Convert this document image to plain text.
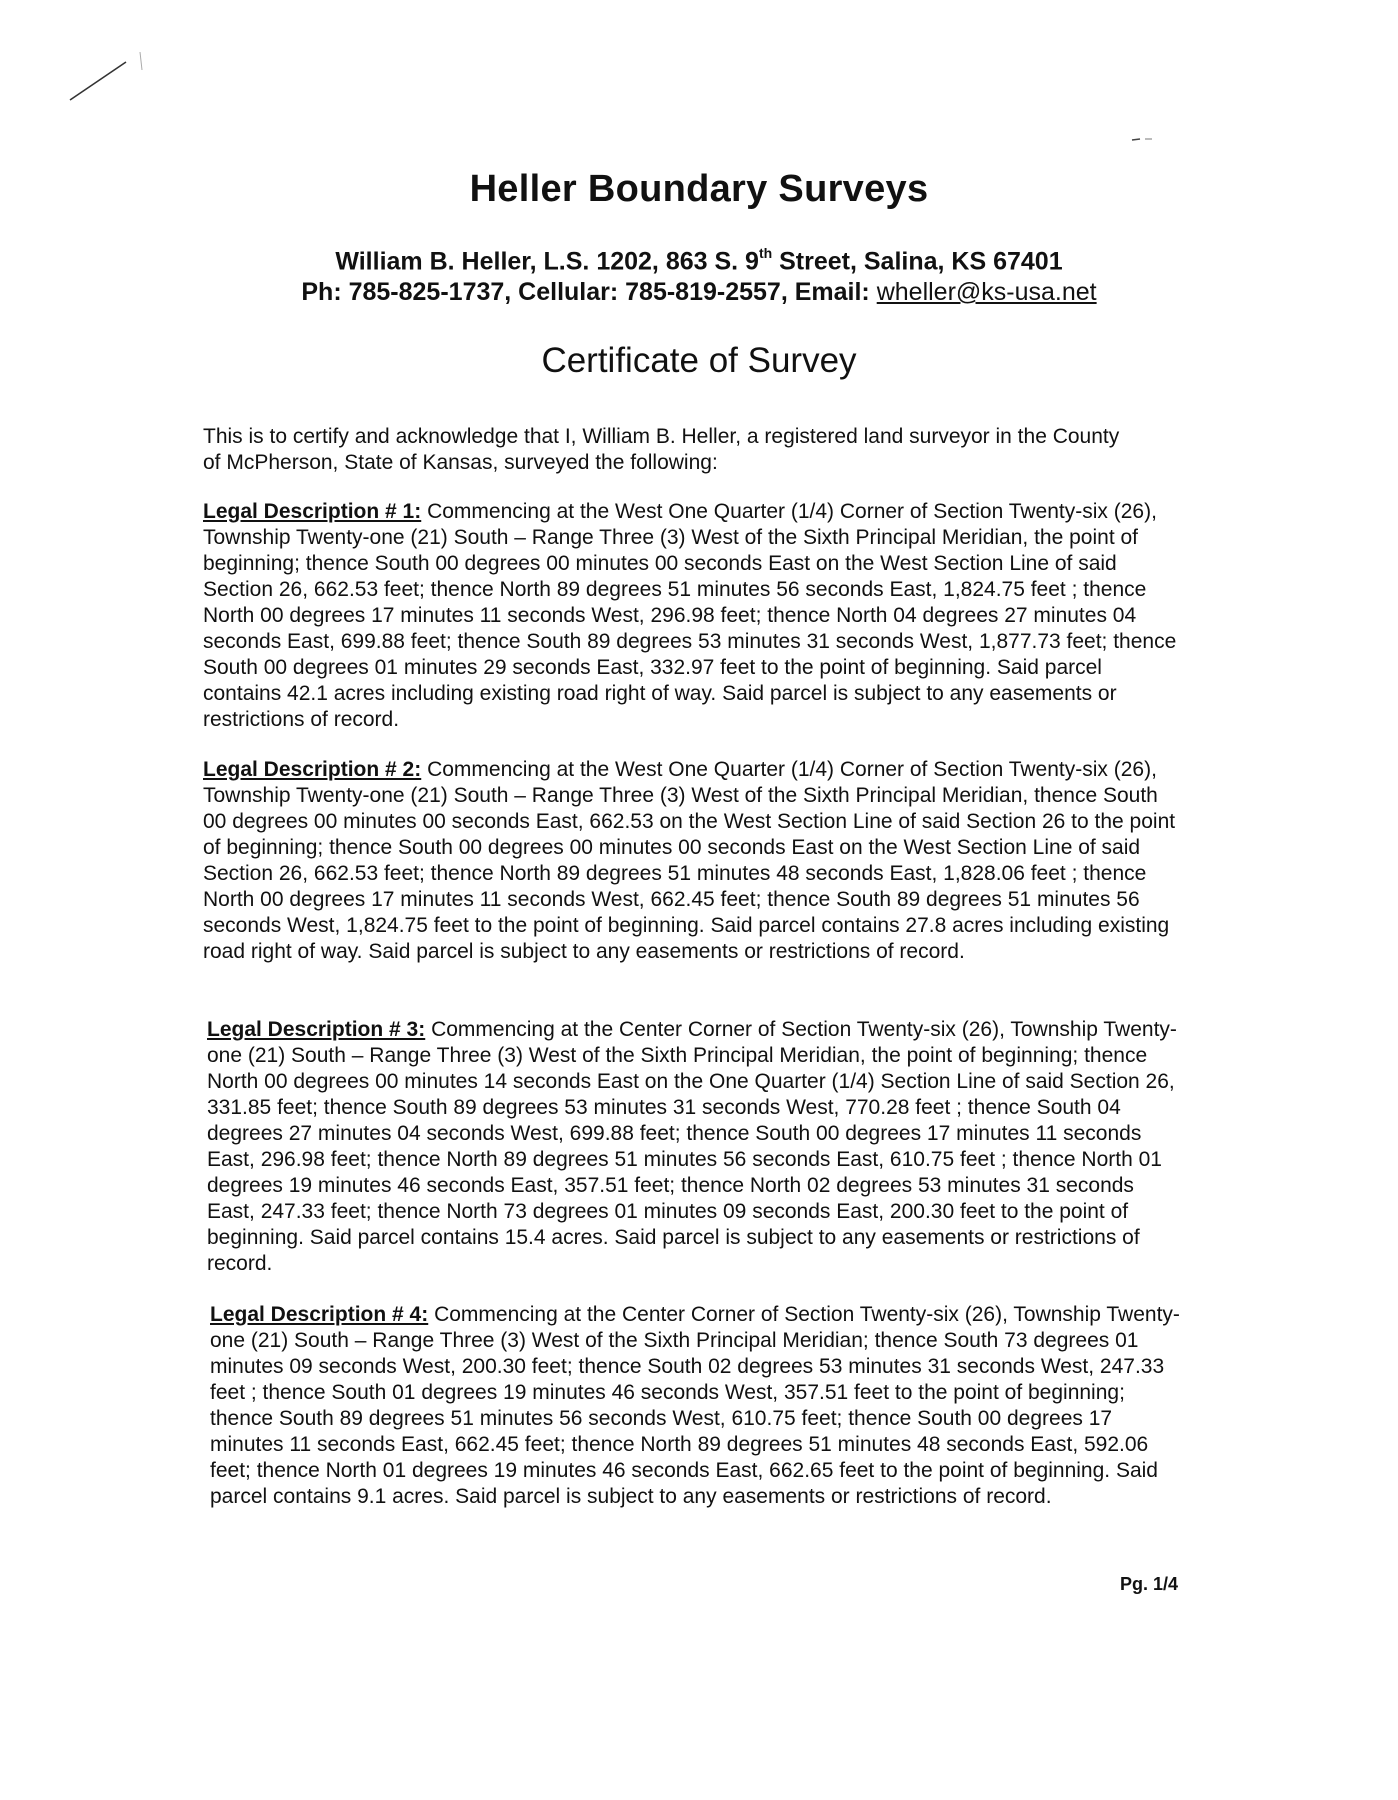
Heller Boundary Surveys
William B. Heller, L.S. 1202, 863 S. 9th Street, Salina, KS 67401
Ph: 785-825-1737, Cellular: 785-819-2557, Email: wheller@ks-usa.net
Certificate of Survey

This is to certify and acknowledge that I, William B. Heller, a registered land surveyor in the County of McPherson, State of Kansas, surveyed the following:

Legal Description # 1: Commencing at the West One Quarter (1/4) Corner of Section Twenty-six (26), Township Twenty-one (21) South – Range Three (3) West of the Sixth Principal Meridian, the point of beginning; thence South 00 degrees 00 minutes 00 seconds East on the West Section Line of said Section 26, 662.53 feet; thence North 89 degrees 51 minutes 56 seconds East, 1,824.75 feet ; thence North 00 degrees 17 minutes 11 seconds West, 296.98 feet; thence North 04 degrees 27 minutes 04 seconds East, 699.88 feet; thence South 89 degrees 53 minutes 31 seconds West, 1,877.73 feet; thence South 00 degrees 01 minutes 29 seconds East, 332.97 feet to the point of beginning. Said parcel contains 42.1 acres including existing road right of way. Said parcel is subject to any easements or restrictions of record.

Legal Description # 2: Commencing at the West One Quarter (1/4) Corner of Section Twenty-six (26), Township Twenty-one (21) South – Range Three (3) West of the Sixth Principal Meridian, thence South 00 degrees 00 minutes 00 seconds East, 662.53 on the West Section Line of said Section 26 to the point of beginning; thence South 00 degrees 00 minutes 00 seconds East on the West Section Line of said Section 26, 662.53 feet; thence North 89 degrees 51 minutes 48 seconds East, 1,828.06 feet ; thence North 00 degrees 17 minutes 11 seconds West, 662.45 feet; thence South 89 degrees 51 minutes 56 seconds West, 1,824.75 feet to the point of beginning. Said parcel contains 27.8 acres including existing road right of way. Said parcel is subject to any easements or restrictions of record.

Legal Description # 3: Commencing at the Center Corner of Section Twenty-six (26), Township Twenty-one (21) South – Range Three (3) West of the Sixth Principal Meridian, the point of beginning; thence North 00 degrees 00 minutes 14 seconds East on the One Quarter (1/4) Section Line of said Section 26, 331.85 feet; thence South 89 degrees 53 minutes 31 seconds West, 770.28 feet ; thence South 04 degrees 27 minutes 04 seconds West, 699.88 feet; thence South 00 degrees 17 minutes 11 seconds East, 296.98 feet; thence North 89 degrees 51 minutes 56 seconds East, 610.75 feet ; thence North 01 degrees 19 minutes 46 seconds East, 357.51 feet; thence North 02 degrees 53 minutes 31 seconds East, 247.33 feet; thence North 73 degrees 01 minutes 09 seconds East, 200.30 feet to the point of beginning. Said parcel contains 15.4 acres. Said parcel is subject to any easements or restrictions of record.

Legal Description # 4: Commencing at the Center Corner of Section Twenty-six (26), Township Twenty-one (21) South – Range Three (3) West of the Sixth Principal Meridian; thence South 73 degrees 01 minutes 09 seconds West, 200.30 feet; thence South 02 degrees 53 minutes 31 seconds West, 247.33 feet ; thence South 01 degrees 19 minutes 46 seconds West, 357.51 feet to the point of beginning; thence South 89 degrees 51 minutes 56 seconds West, 610.75 feet; thence South 00 degrees 17 minutes 11 seconds East, 662.45 feet; thence North 89 degrees 51 minutes 48 seconds East, 592.06 feet; thence North 01 degrees 19 minutes 46 seconds East, 662.65 feet to the point of beginning. Said parcel contains 9.1 acres. Said parcel is subject to any easements or restrictions of record.

Pg. 1/4
